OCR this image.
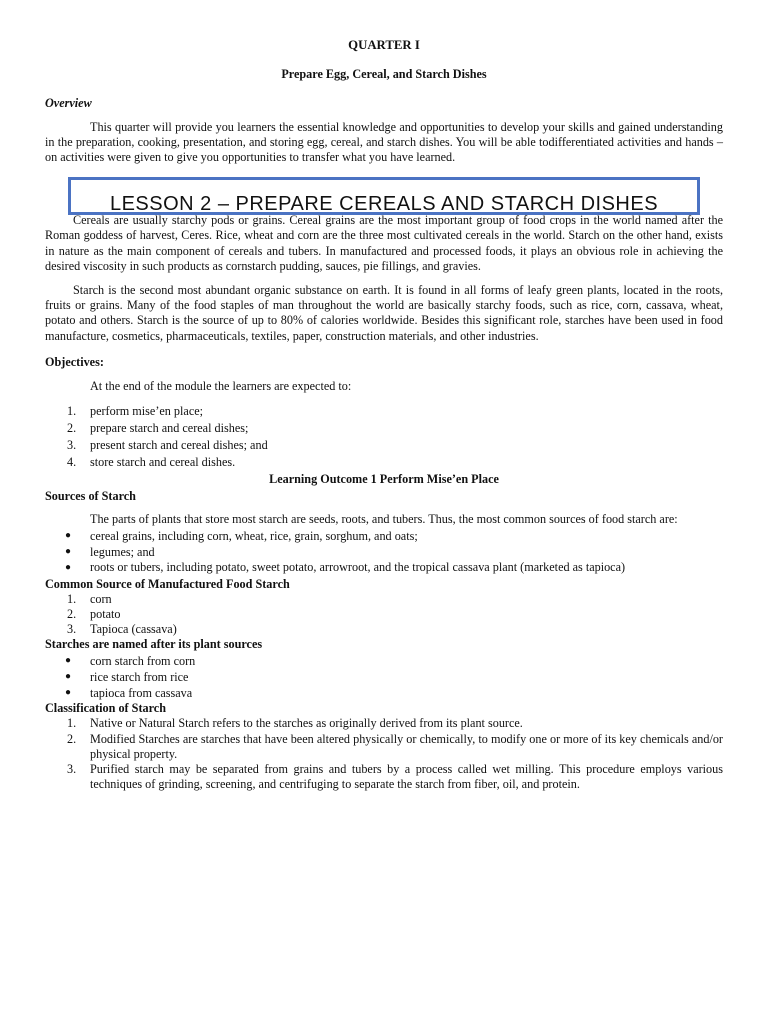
QUARTER I

Prepare Egg, Cereal, and Starch Dishes

Overview

This quarter will provide you learners the essential knowledge and opportunities to develop your skills and gained understanding in the preparation, cooking, presentation, and storing egg, cereal, and starch dishes. You will be able todifferentiated activities and hands – on activities were given to give you opportunities to transfer what you have learned.

LESSON 2 – PREPARE CEREALS AND STARCH DISHES

Cereals are usually starchy pods or grains. Cereal grains are the most important group of food crops in the world named after the Roman goddess of harvest, Ceres. Rice, wheat and corn are the three most cultivated cereals in the world. Starch on the other hand, exists in nature as the main component of cereals and tubers. In manufactured and processed foods, it plays an obvious role in achieving the desired viscosity in such products as cornstarch pudding, sauces, pie fillings, and gravies.

Starch is the second most abundant organic substance on earth. It is found in all forms of leafy green plants, located in the roots, fruits or grains. Many of the food staples of man throughout the world are basically starchy foods, such as rice, corn, cassava, wheat, potato and others. Starch is the source of up to 80% of calories worldwide. Besides this significant role, starches have been used in food manufacture, cosmetics, pharmaceuticals, textiles, paper, construction materials, and other industries.

Objectives:

At the end of the module the learners are expected to:

1.	perform mise’en place;
2.	prepare starch and cereal dishes;
3.	present starch and cereal dishes; and
4.	store starch and cereal dishes.

Learning Outcome 1 Perform Mise’en Place

Sources of Starch

The parts of plants that store most starch are seeds, roots, and tubers. Thus, the most common sources of food starch are:

● cereal grains, including corn, wheat, rice, grain, sorghum, and oats;
● legumes; and
● roots or tubers, including potato, sweet potato, arrowroot, and the tropical cassava plant (marketed as tapioca)

Common Source of Manufactured Food Starch

1.	corn
2.	potato
3.	Tapioca (cassava)

Starches are named after its plant sources

● corn starch from corn
● rice starch from rice
● tapioca from cassava

Classification of Starch

1.	Native or Natural Starch refers to the starches as originally derived from its plant source.
2.	Modified Starches are starches that have been altered physically or chemically, to modify one or more of its key chemicals and/or physical property.
3.	Purified starch may be separated from grains and tubers by a process called wet milling. This procedure employs various techniques of grinding, screening, and centrifuging to separate the starch from fiber, oil, and protein.
